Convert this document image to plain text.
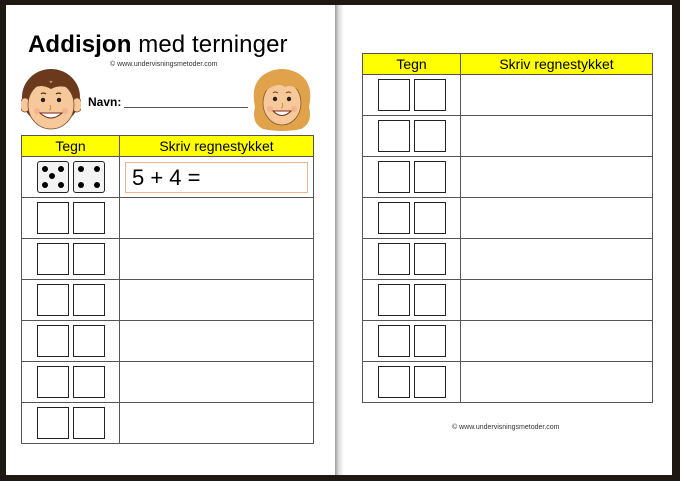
Addisjon med terninger
© www.undervisningsmetoder.com
Navn:
Tegn	Skriv regnestykket

	5 + 4 =

Tegn	Skriv regnestykket

© www.undervisningsmetoder.com
